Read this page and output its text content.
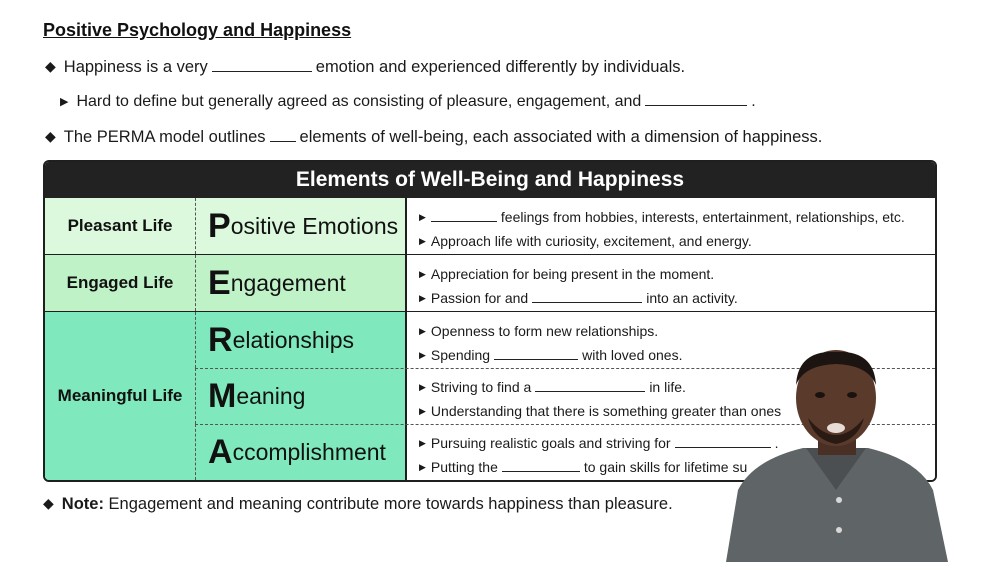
Positive Psychology and Happiness
◆ Happiness is a very	emotion and experienced differently by individuals.
▶ Hard to define but generally agreed as consisting of pleasure, engagement, and	.
◆ The PERMA model outlines elements of well-being, each associated with a dimension of happiness.
Elements of Well-Being and Happiness
Pleasant Life	P ositive Emotions ▶	feelings from hobbies, interests, entertainment, relationships, etc.
▶ Approach life with curiosity, excitement, and energy.
Engaged Life	E ngagement	▶ Appreciation for being present in the moment.
▶ Passion for and	into an activity.
Meaningful Life
R elationships	▶ Openness to form new relationships.
▶ Spending	with loved ones.
M eaning	▶ Striving to find a	in life.
▶ Understanding that there is something greater than ones
A ccomplishment	▶ Pursuing realistic goals and striving for	.
▶ Putting the	to gain skills for lifetime su
◆ Note: Engagement and meaning contribute more towards happiness than pleasure.
